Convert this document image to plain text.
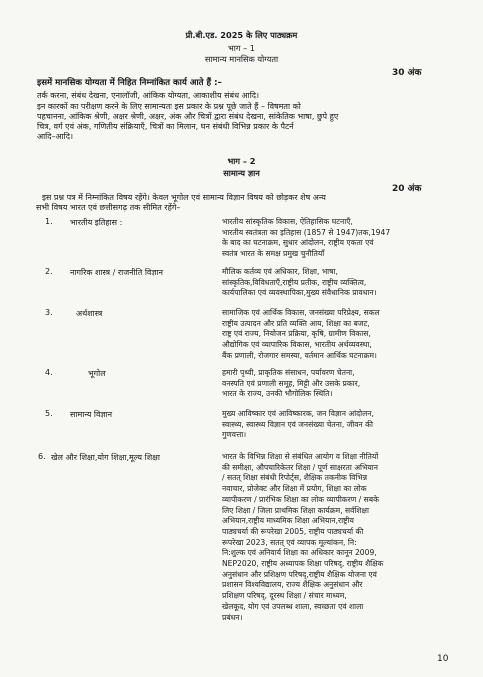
प्री.बी.एड. 2025 के लिए पाठ्यक्रम
भाग – 1
सामान्य मानसिक योग्यता
30 अंक
इसमें मानसिक योग्यता में निहित निम्नांकित कार्य आते हैं :–
तर्क करना, संबंध देखना, एनालॉजी, आंकिक योग्यता, आकाशीय संबंध आदि।
इन कारकों का परीक्षण करने के लिए सामान्यतः इस प्रकार के प्रश्न पूछे जाते हैं – विषमता को
पहचानना, आंकिक श्रेणी, अक्षर श्रेणी, अक्षर, अंक और चित्रों द्वारा संबंध देखना, सांकेतिक भाषा, छुपे हुए
चित्र, वर्ग एवं अंक, गणितीय संक्रियाएँ, चित्रों का मिलान, घन संबंधी विभिन्न प्रकार के पैटर्न
आदि–आदि।
भाग – 2
सामान्य ज्ञान
20 अंक
इस प्रश्न पत्र में निम्नांकित विषय रहेंगे। केवल भूगोल एवं सामान्य विज्ञान विषय को छोड़कर शेष अन्य
सभी विषय भारत एवं छत्तीसगढ़ तक सीमित रहेंगे–
1. भारतीय इतिहास :	भारतीय सांस्कृतिक विकास, ऐतिहासिक घटनाएँ,
भारतीय स्वतंत्रता का इतिहास (1857 से 1947)तक,1947
के बाद का घटनाक्रम, सुधार आंदोलन, राष्ट्रीय एकता एवं
स्वतंत्र भारत के समक्ष प्रमुख चुनौतियाँ
2. नागरिक शास्त्र / राजनीति विज्ञान	मौलिक कर्तव्य एवं अधिकार, शिक्षा, भाषा,
सांस्कृतिक,विविधताएँ,राष्ट्रीय प्रतीक, राष्ट्रीय व्यक्तित्व,
कार्यपालिका एवं व्यवस्थापिका,मुख्य संवैधानिक प्रावधान।
3.	अर्थशास्त्र	सामाजिक एवं आर्थिक विकास, जनसंख्या परिप्रेक्ष्य, सकल
राष्ट्रीय उत्पादन और प्रति व्यक्ति आय, शिक्षा का बजट,
राष्ट्र एवं राज्य, नियोजन प्रक्रिया, कृषि, ग्रामीण विकास,
औद्योगिक एवं व्यापारिक विकास, भारतीय अर्थव्यवस्था,
बैंक प्रणाली, रोजगार समस्या, वर्तमान आर्थिक घटनाक्रम।
4.	भूगोल	हमारी पृथ्वी, प्राकृतिक संसाधन, पर्यावरण चेतना,
वनस्पति एवं प्रणाली समूह, मिट्टी और उसके प्रकार,
भारत के राज्य, उनकी भौगोलिक स्थिति।
5. सामान्य विज्ञान	मुख्य आविष्कार एवं आविष्कारक, जन विज्ञान आंदोलन,
स्वास्थ्य, स्वास्थ्य विज्ञान एवं जनसंख्या चेतना, जीवन की
गुणवत्ता।
6. खेल और शिक्षा,योग शिक्षा,मूल्य शिक्षा	भारत के विभिन्न शिक्षा से संबंधित आयोग व शिक्षा नीतियों
की समीक्षा, औपचारिकेतर शिक्षा / पूर्ण साक्षरता अभियान
/ सतत् शिक्षा संबंधी रिपोर्ट्स, शैक्षिक तकनीक विभिन्न
नवाचार, प्रोजेक्ट और शिक्षा में प्रयोग, शिक्षा का लोक
व्यापीकरण / प्रारंभिक शिक्षा का लोक व्यापीकरण / सबके
लिए शिक्षा / जिला प्राथमिक शिक्षा कार्यक्रम, सर्वशिक्षा
अभियान,राष्ट्रीय माध्यमिक शिक्षा अभियान,राष्ट्रीय
पाठ्यचर्या की रूपरेखा 2005, राष्ट्रीय पाठ्यचर्या की
रूपरेखा 2023, सतत् एवं व्यापक मूल्यांकन, नि:
नि:शुल्क एवं अनिवार्य शिक्षा का अधिकार कानून 2009,
NEP2020, राष्ट्रीय अध्यापक शिक्षा परिषद्, राष्ट्रीय शैक्षिक
अनुसंधान और प्रशिक्षण परिषद्,राष्ट्रीय शैक्षिक योजना एवं
प्रशासन विश्वविद्यालय, राज्य शैक्षिक अनुसंधान और
प्रशिक्षण परिषद्, दूरस्थ शिक्षा / संचार माध्यम,
खेलकूद, योग एवं उपलब्ध शाला, स्वच्छता एवं शाला
प्रबंधन।
10
